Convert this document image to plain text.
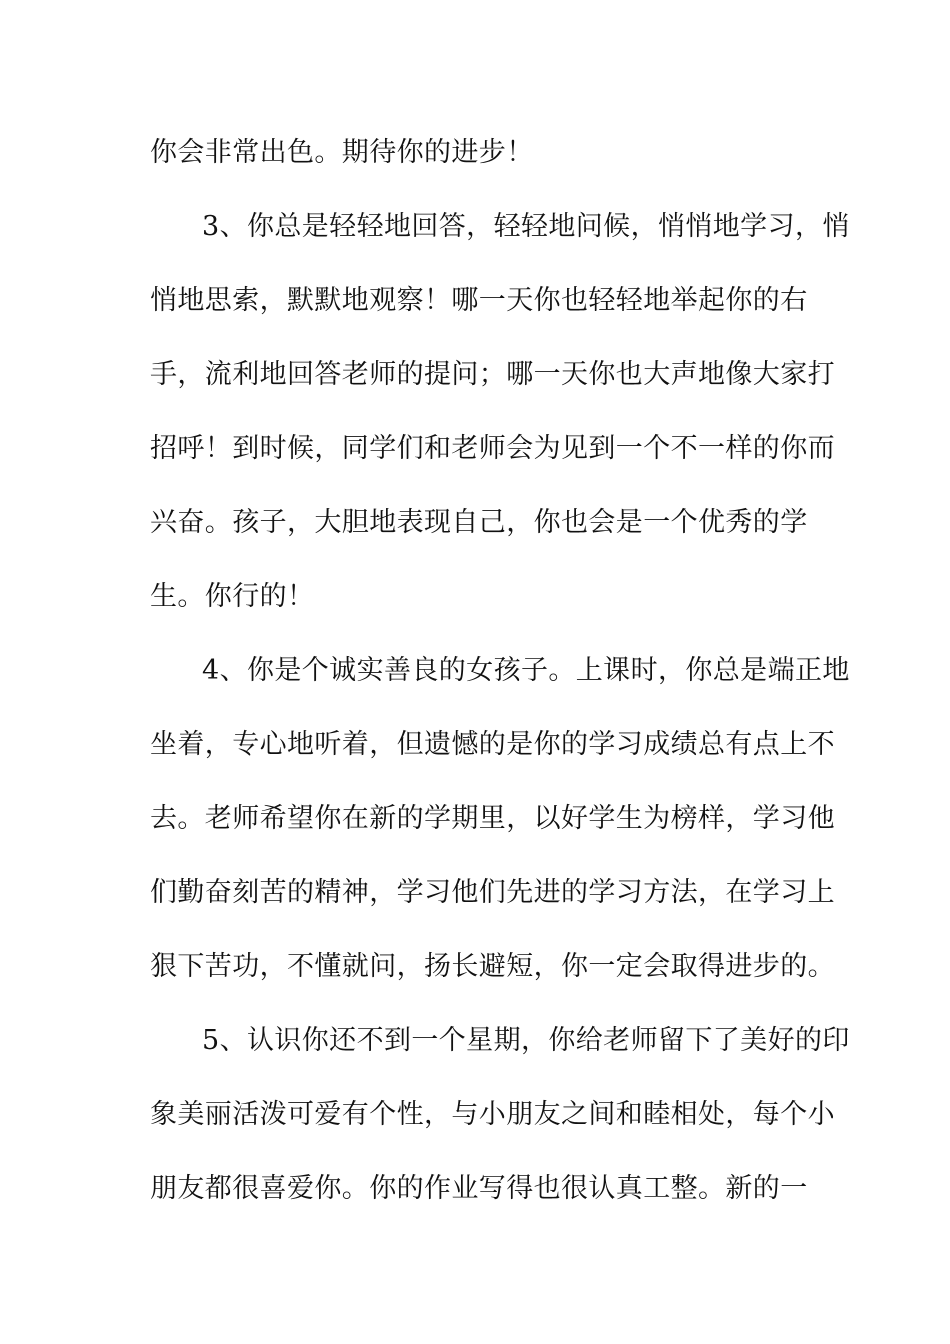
你会非常出色。期待你的进步！

3、你总是轻轻地回答，轻轻地问候，悄悄地学习，悄

悄地思索，默默地观察！哪一天你也轻轻地举起你的右

手，流利地回答老师的提问；哪一天你也大声地像大家打

招呼！到时候，同学们和老师会为见到一个不一样的你而

兴奋。孩子，大胆地表现自己，你也会是一个优秀的学

生。你行的！

4、你是个诚实善良的女孩子。上课时，你总是端正地

坐着，专心地听着，但遗憾的是你的学习成绩总有点上不

去。老师希望你在新的学期里，以好学生为榜样，学习他

们勤奋刻苦的精神，学习他们先进的学习方法，在学习上

狠下苦功，不懂就问，扬长避短，你一定会取得进步的。

5、认识你还不到一个星期，你给老师留下了美好的印

象美丽活泼可爱有个性，与小朋友之间和睦相处，每个小

朋友都很喜爱你。你的作业写得也很认真工整。新的一
